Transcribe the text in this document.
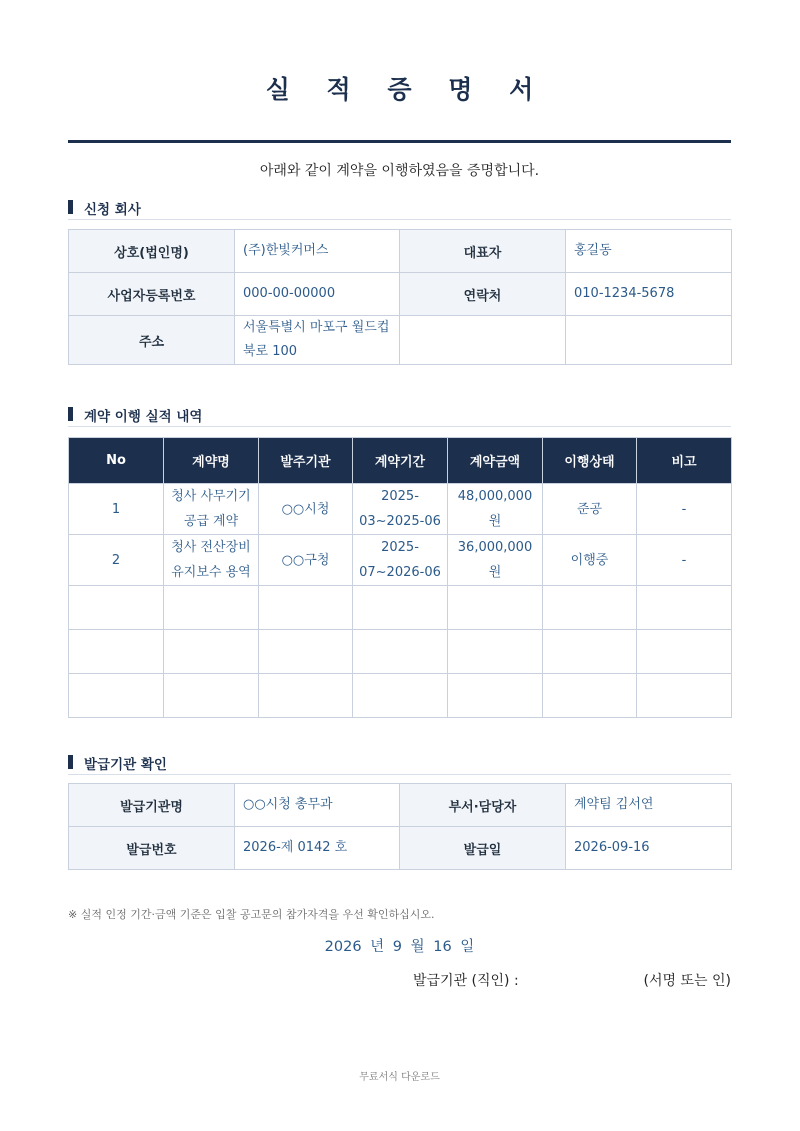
실 적 증 명 서
아래와 같이 계약을 이행하였음을 증명합니다.
신청 회사
상호(법인명)	(주)한빛커머스	대표자	홍길동
사업자등록번호	000-00-00000	연락처	010-1234-5678
주소	서울특별시 마포구 월드컵북로 100		
계약 이행 실적 내역
No	계약명	발주기관	계약기간	계약금액	이행상태	비고
1	청사 사무기기 공급 계약	○○시청	2025-03~2025-06	48,000,000원	준공	-
2	청사 전산장비 유지보수 용역	○○구청	2025-07~2026-06	36,000,000원	이행중	-

발급기관 확인
발급기관명	○○시청 총무과	부서·담당자	계약팀 김서연
발급번호	2026-제 0142 호	발급일	2026-09-16
※ 실적 인정 기간·금액 기준은 입찰 공고문의 참가자격을 우선 확인하십시오.
2026 년 9 월 16 일
발급기관 (직인) :	(서명 또는 인)
무료서식 다운로드
